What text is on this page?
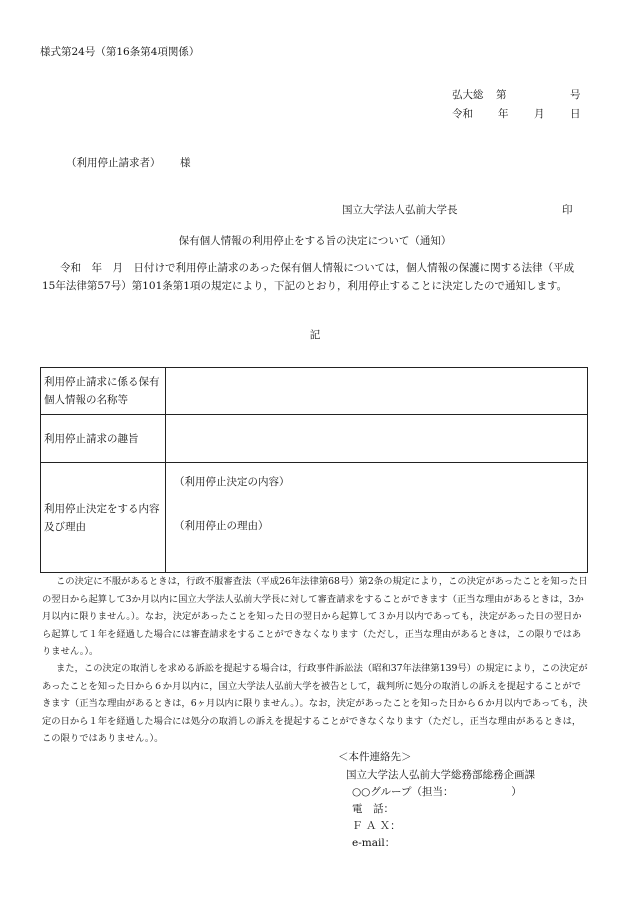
様式第24号（第16条第4項関係）
弘大総 第	号
令和 年 月 日
（利用停止請求者） 様
国立大学法人弘前大学長	印
保有個人情報の利用停止をする旨の決定について（通知）
令和　年　月　日付けで利用停止請求のあった保有個人情報については，個人情報の保護に関する法律（平成15年法律第57号）第101条第1項の規定により，下記のとおり，利用停止することに決定したので通知します。
記
利用停止請求に係る保有個人情報の名称等	
利用停止請求の趣旨	
利用停止決定をする内容及び理由	（利用停止決定の内容）
（利用停止の理由）
この決定に不服があるときは，行政不服審査法（平成26年法律第68号）第2条の規定により，この決定があったことを知った日の翌日から起算して3か月以内に国立大学法人弘前大学長に対して審査請求をすることができます（正当な理由があるときは，3か月以内に限りません。）。なお，決定があったことを知った日の翌日から起算して３か月以内であっても，決定があった日の翌日から起算して１年を経過した場合には審査請求をすることができなくなります（ただし，正当な理由があるときは，この限りではありません。）。
また，この決定の取消しを求める訴訟を提起する場合は，行政事件訴訟法（昭和37年法律第139号）の規定により，この決定があったことを知った日から６か月以内に，国立大学法人弘前大学を被告として，裁判所に処分の取消しの訴えを提起することができます（正当な理由があるときは，6ヶ月以内に限りません。）。なお，決定があったことを知った日から６か月以内であっても，決定の日から１年を経過した場合には処分の取消しの訴えを提起することができなくなります（ただし，正当な理由があるときは，この限りではありません。）。
＜本件連絡先＞
国立大学法人弘前大学総務部総務企画課
○○グループ（担当：　　　　　　）
電　話：
Ｆ Ａ Ｘ：
e-mail：
